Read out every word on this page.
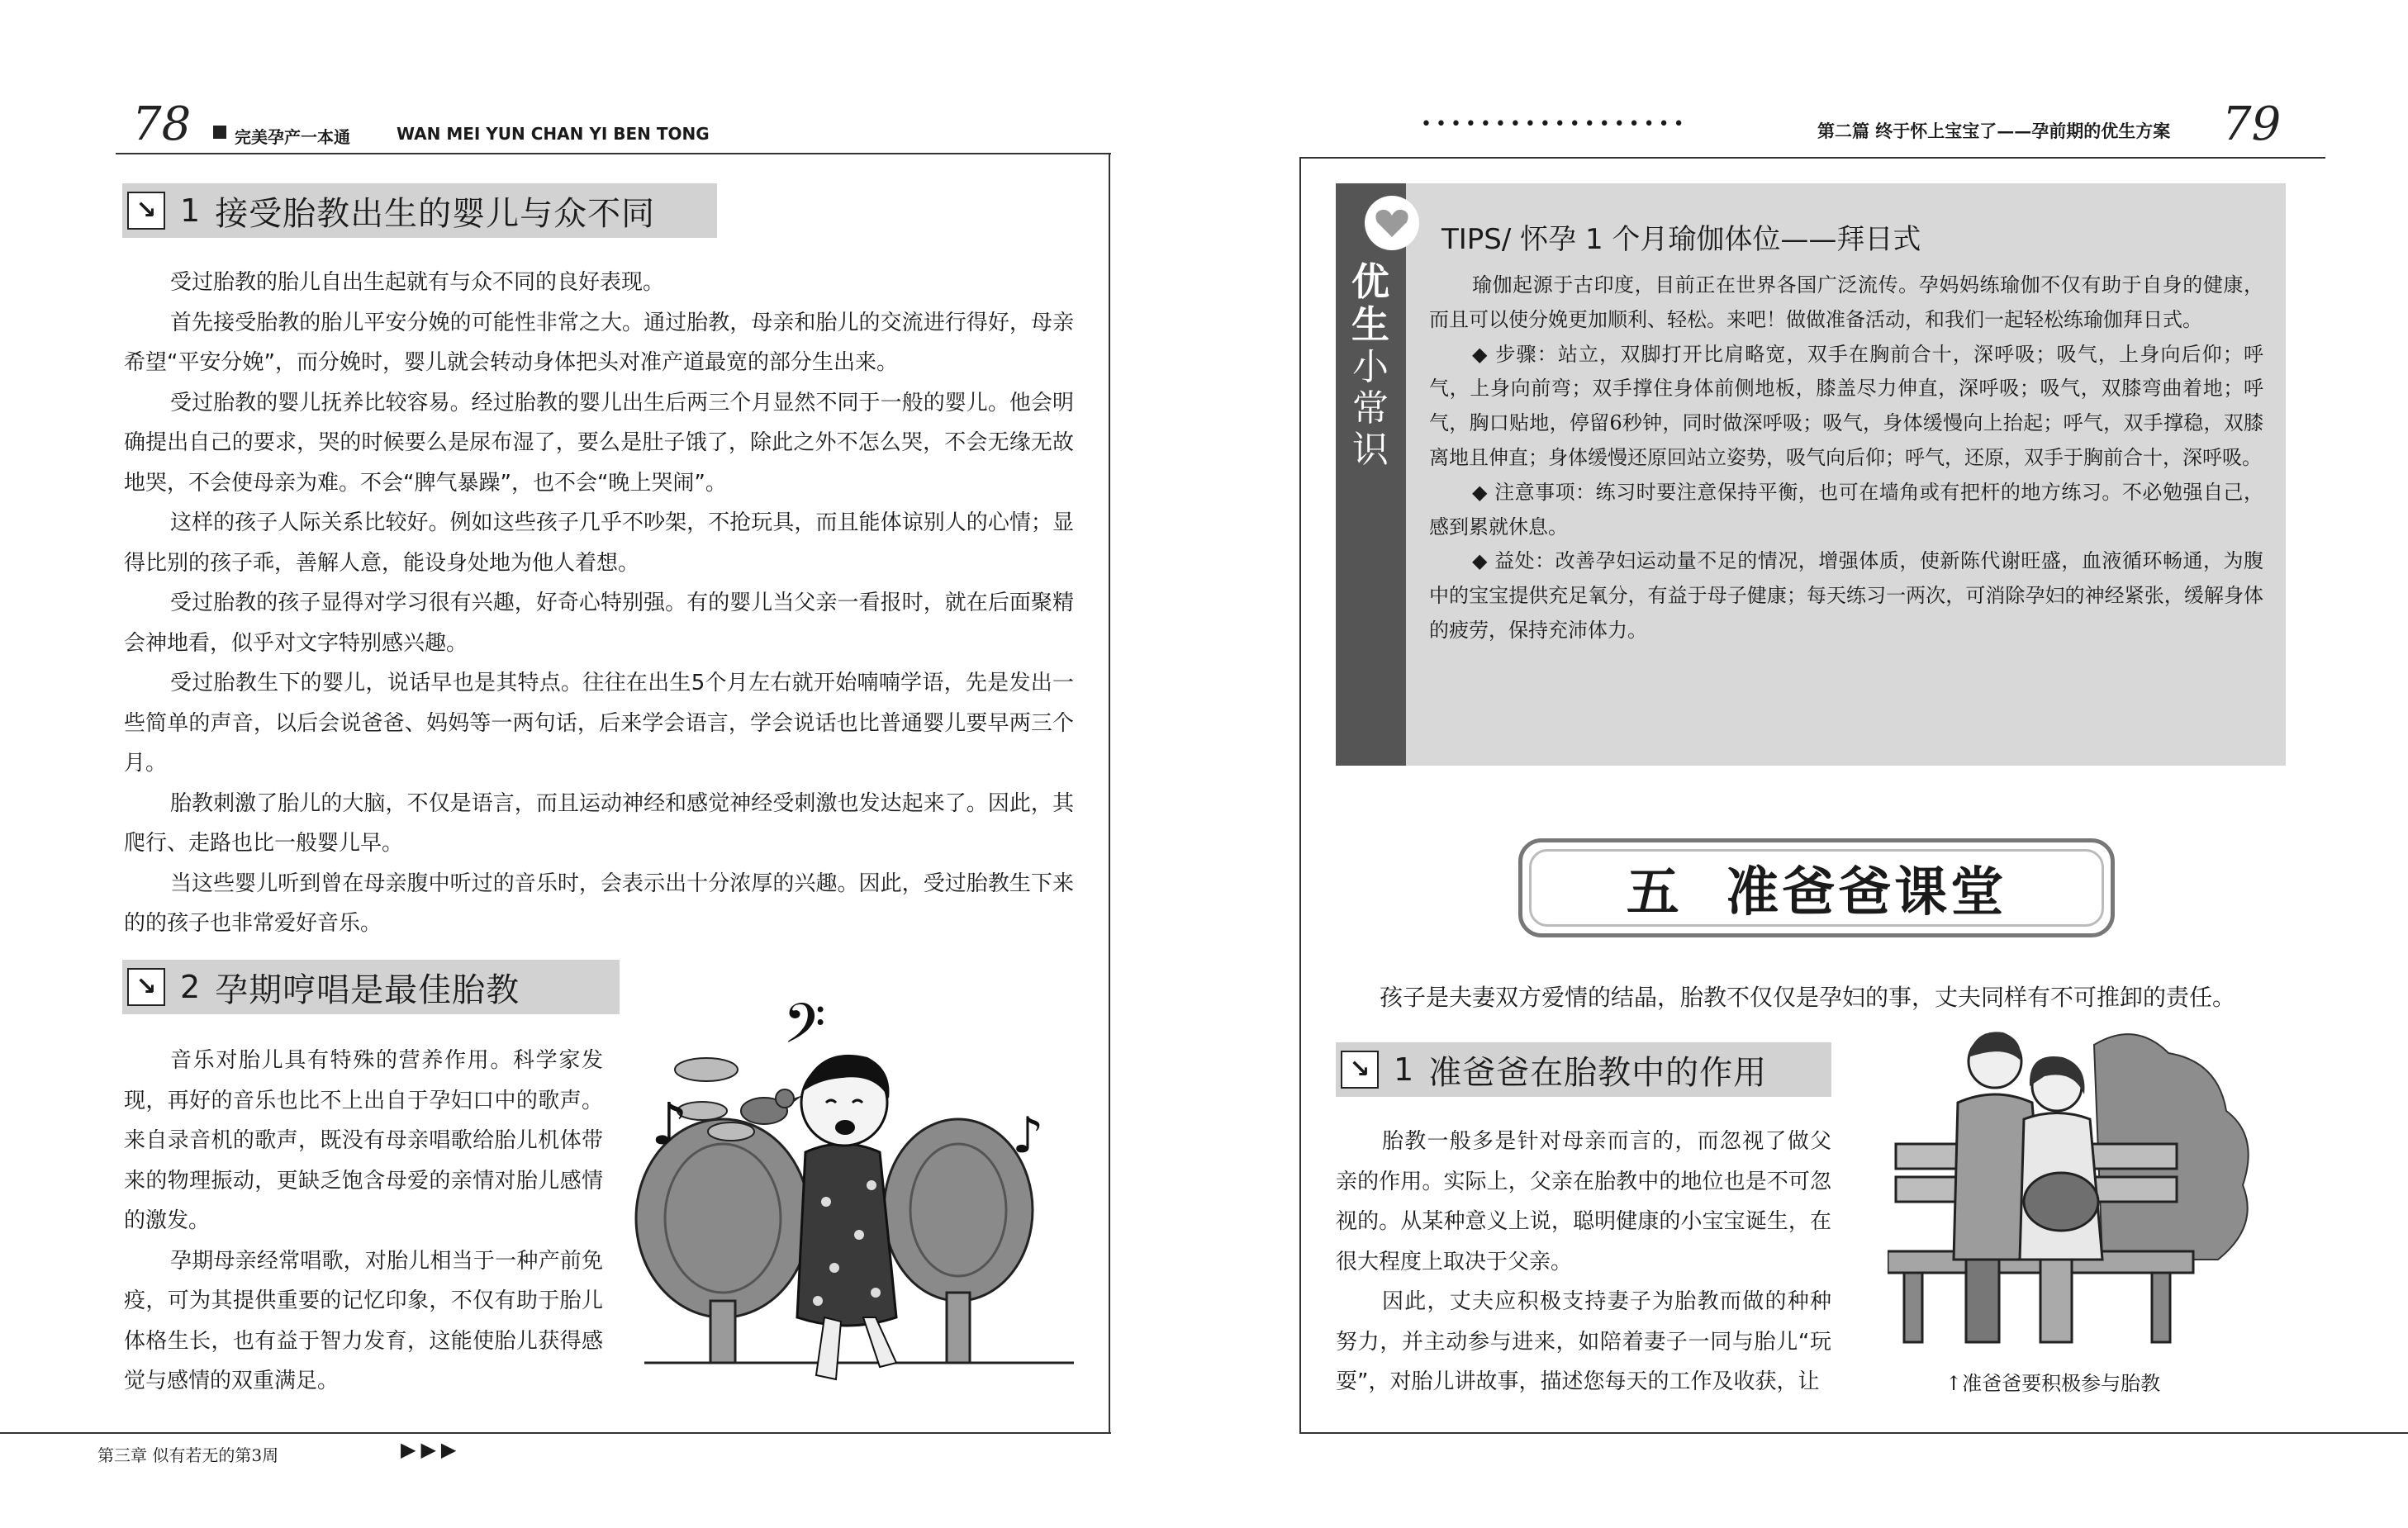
78	完美孕产一本通	WAN MEI YUN CHAN YI BEN TONG
↘ 1 接受胎教出生的婴儿与众不同

受过胎教的胎儿自出生起就有与众不同的良好表现。

首先接受胎教的胎儿平安分娩的可能性非常之大。通过胎教，母亲和胎儿的交流进行得好，母亲希望“平安分娩”，而分娩时，婴儿就会转动身体把头对准产道最宽的部分生出来。

受过胎教的婴儿抚养比较容易。经过胎教的婴儿出生后两三个月显然不同于一般的婴儿。他会明确提出自己的要求，哭的时候要么是尿布湿了，要么是肚子饿了，除此之外不怎么哭，不会无缘无故地哭，不会使母亲为难。不会“脾气暴躁”，也不会“晚上哭闹”。

这样的孩子人际关系比较好。例如这些孩子几乎不吵架，不抢玩具，而且能体谅别人的心情；显得比别的孩子乖，善解人意，能设身处地为他人着想。

受过胎教的孩子显得对学习很有兴趣，好奇心特别强。有的婴儿当父亲一看报时，就在后面聚精会神地看，似乎对文字特别感兴趣。

受过胎教生下的婴儿，说话早也是其特点。往往在出生5个月左右就开始喃喃学语，先是发出一些简单的声音，以后会说爸爸、妈妈等一两句话，后来学会语言，学会说话也比普通婴儿要早两三个月。

胎教刺激了胎儿的大脑，不仅是语言，而且运动神经和感觉神经受刺激也发达起来了。因此，其爬行、走路也比一般婴儿早。

当这些婴儿听到曾在母亲腹中听过的音乐时，会表示出十分浓厚的兴趣。因此，受过胎教生下来的的孩子也非常爱好音乐。

↘ 2 孕期哼唱是最佳胎教

音乐对胎儿具有特殊的营养作用。科学家发现，再好的音乐也比不上出自于孕妇口中的歌声。来自录音机的歌声，既没有母亲唱歌给胎儿机体带来的物理振动，更缺乏饱含母爱的亲情对胎儿感情的激发。

孕期母亲经常唱歌，对胎儿相当于一种产前免疫，可为其提供重要的记忆印象，不仅有助于胎儿体格生长，也有益于智力发育，这能使胎儿获得感觉与感情的双重满足。

𝄢
♪	♪
第三章 似有若无的第3周	▶▶▶
••••••••••••••••••	第二篇 终于怀上宝宝了——孕前期的优生方案 79
优生
小常识
TIPS/ 怀孕 1 个月瑜伽体位——拜日式

瑜伽起源于古印度，目前正在世界各国广泛流传。孕妈妈练瑜伽不仅有助于自身的健康，而且可以使分娩更加顺利、轻松。来吧！做做准备活动，和我们一起轻松练瑜伽拜日式。

◆ 步骤：站立，双脚打开比肩略宽，双手在胸前合十，深呼吸；吸气，上身向后仰；呼气，上身向前弯；双手撑住身体前侧地板，膝盖尽力伸直，深呼吸；吸气，双膝弯曲着地；呼气，胸口贴地，停留6秒钟，同时做深呼吸；吸气，身体缓慢向上抬起；呼气，双手撑稳，双膝离地且伸直；身体缓慢还原回站立姿势，吸气向后仰；呼气，还原，双手于胸前合十，深呼吸。

◆ 注意事项：练习时要注意保持平衡，也可在墙角或有把杆的地方练习。不必勉强自己，感到累就休息。

◆ 益处：改善孕妇运动量不足的情况，增强体质，使新陈代谢旺盛，血液循环畅通，为腹中的宝宝提供充足氧分，有益于母子健康；每天练习一两次，可消除孕妇的神经紧张，缓解身体的疲劳，保持充沛体力。

五  准爸爸课堂
孩子是夫妻双方爱情的结晶，胎教不仅仅是孕妇的事，丈夫同样有不可推卸的责任。
↘ 1 准爸爸在胎教中的作用

胎教一般多是针对母亲而言的，而忽视了做父亲的作用。实际上，父亲在胎教中的地位也是不可忽视的。从某种意义上说，聪明健康的小宝宝诞生，在很大程度上取决于父亲。

因此，丈夫应积极支持妻子为胎教而做的种种努力，并主动参与进来，如陪着妻子一同与胎儿“玩耍”，对胎儿讲故事，描述您每天的工作及收获，让	↑准爸爸要积极参与胎教
